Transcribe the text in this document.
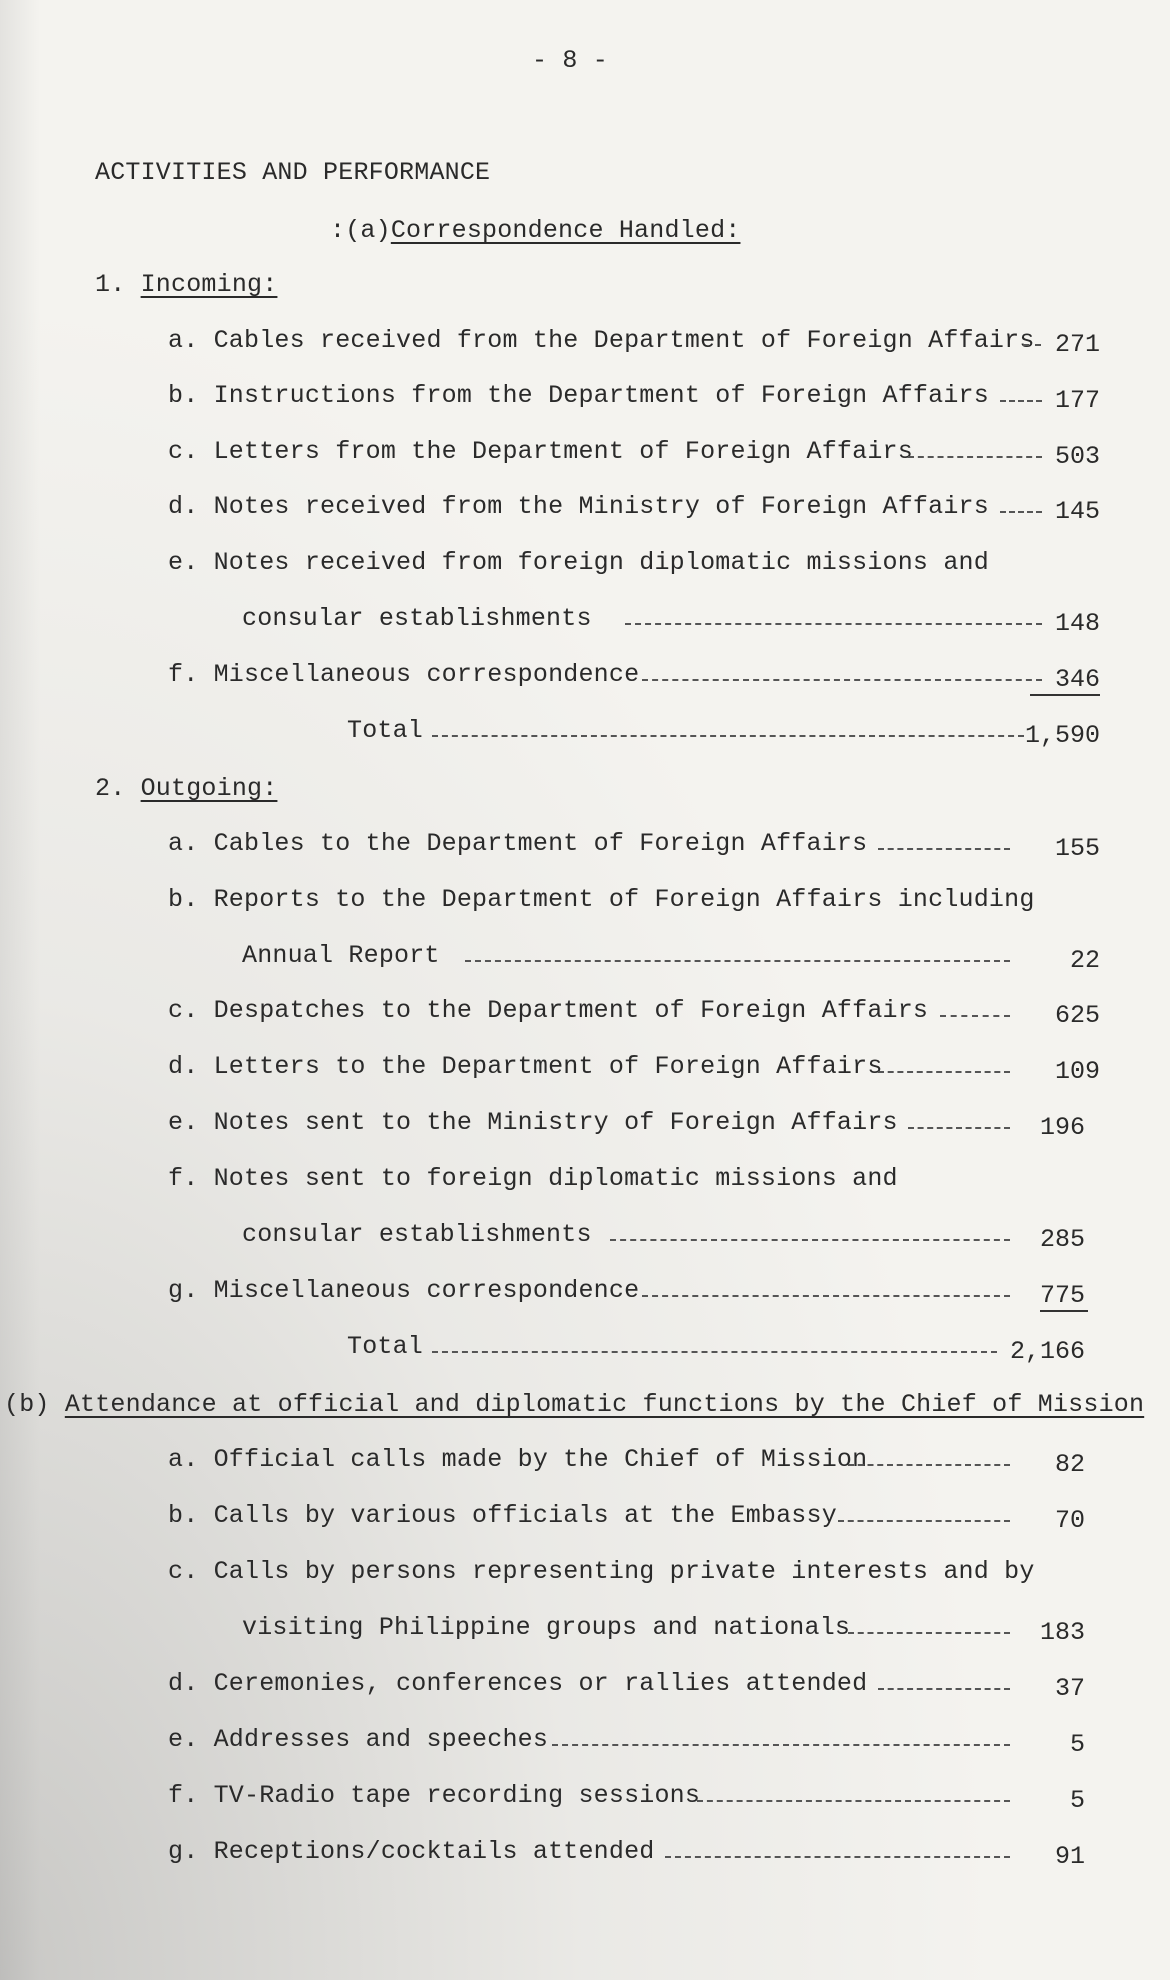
- 8 -
ACTIVITIES AND PERFORMANCE
:(a)Correspondence Handled:
1. Incoming:
a. Cables received from the Department of Foreign Affairs 271
b. Instructions from the Department of Foreign Affairs	177
c. Letters from the Department of Foreign Affairs	503
d. Notes received from the Ministry of Foreign Affairs	145
e. Notes received from foreign diplomatic missions and
consular establishments	148
f. Miscellaneous correspondence	346
Total	1,590
2. Outgoing:
a. Cables to the Department of Foreign Affairs	155
b. Reports to the Department of Foreign Affairs including
Annual Report	22
c. Despatches to the Department of Foreign Affairs	625
d. Letters to the Department of Foreign Affairs	109
e. Notes sent to the Ministry of Foreign Affairs	196
f. Notes sent to foreign diplomatic missions and
consular establishments	285
g. Miscellaneous correspondence	775
Total	2,166
(b) Attendance at official and diplomatic functions by the Chief of Mission
a. Official calls made by the Chief of Mission	82
b. Calls by various officials at the Embassy	70
c. Calls by persons representing private interests and by
visiting Philippine groups and nationals	183
d. Ceremonies, conferences or rallies attended	37
e. Addresses and speeches	5
f. TV-Radio tape recording sessions	5
g. Receptions/cocktails attended	91
